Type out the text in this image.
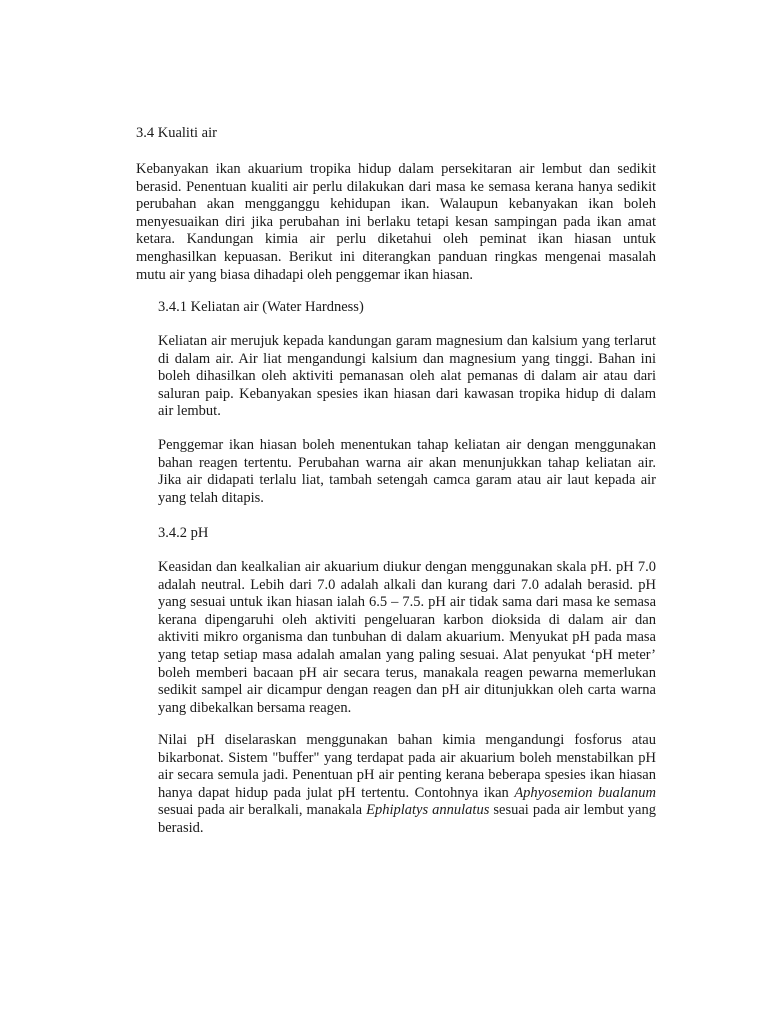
3.4 Kualiti air

Kebanyakan ikan akuarium tropika hidup dalam persekitaran air lembut dan sedikit berasid. Penentuan kualiti air perlu dilakukan dari masa ke semasa kerana hanya sedikit perubahan akan mengganggu kehidupan ikan. Walaupun kebanyakan ikan boleh menyesuaikan diri jika perubahan ini berlaku tetapi kesan sampingan pada ikan amat ketara. Kandungan kimia air perlu diketahui oleh peminat ikan hiasan untuk menghasilkan kepuasan. Berikut ini diterangkan panduan ringkas mengenai masalah mutu air yang biasa dihadapi oleh penggemar ikan hiasan.

3.4.1 Keliatan air (Water Hardness)

Keliatan air merujuk kepada kandungan garam magnesium dan kalsium yang terlarut di dalam air. Air liat mengandungi kalsium dan magnesium yang tinggi. Bahan ini boleh dihasilkan oleh aktiviti pemanasan oleh alat pemanas di dalam air atau dari saluran paip. Kebanyakan spesies ikan hiasan dari kawasan tropika hidup di dalam air lembut.

Penggemar ikan hiasan boleh menentukan tahap keliatan air dengan menggunakan bahan reagen tertentu. Perubahan warna air akan menunjukkan tahap keliatan air. Jika air didapati terlalu liat, tambah setengah camca garam atau air laut kepada air yang telah ditapis.

3.4.2 pH

Keasidan dan kealkalian air akuarium diukur dengan menggunakan skala pH. pH 7.0 adalah neutral. Lebih dari 7.0 adalah alkali dan kurang dari 7.0 adalah berasid. pH yang sesuai untuk ikan hiasan ialah 6.5 – 7.5. pH air tidak sama dari masa ke semasa kerana dipengaruhi oleh aktiviti pengeluaran karbon dioksida di dalam air dan aktiviti mikro organisma dan tunbuhan di dalam akuarium. Menyukat pH pada masa yang tetap setiap masa adalah amalan yang paling sesuai. Alat penyukat ‘pH meter’ boleh memberi bacaan pH air secara terus, manakala reagen pewarna memerlukan sedikit sampel air dicampur dengan reagen dan pH air ditunjukkan oleh carta warna yang dibekalkan bersama reagen.

Nilai pH diselaraskan menggunakan bahan kimia mengandungi fosforus atau bikarbonat. Sistem "buffer" yang terdapat pada air akuarium boleh menstabilkan pH air secara semula jadi. Penentuan pH air penting kerana beberapa spesies ikan hiasan hanya dapat hidup pada julat pH tertentu. Contohnya ikan Aphyosemion bualanum sesuai pada air beralkali, manakala Ephiplatys annulatus sesuai pada air lembut yang berasid.
